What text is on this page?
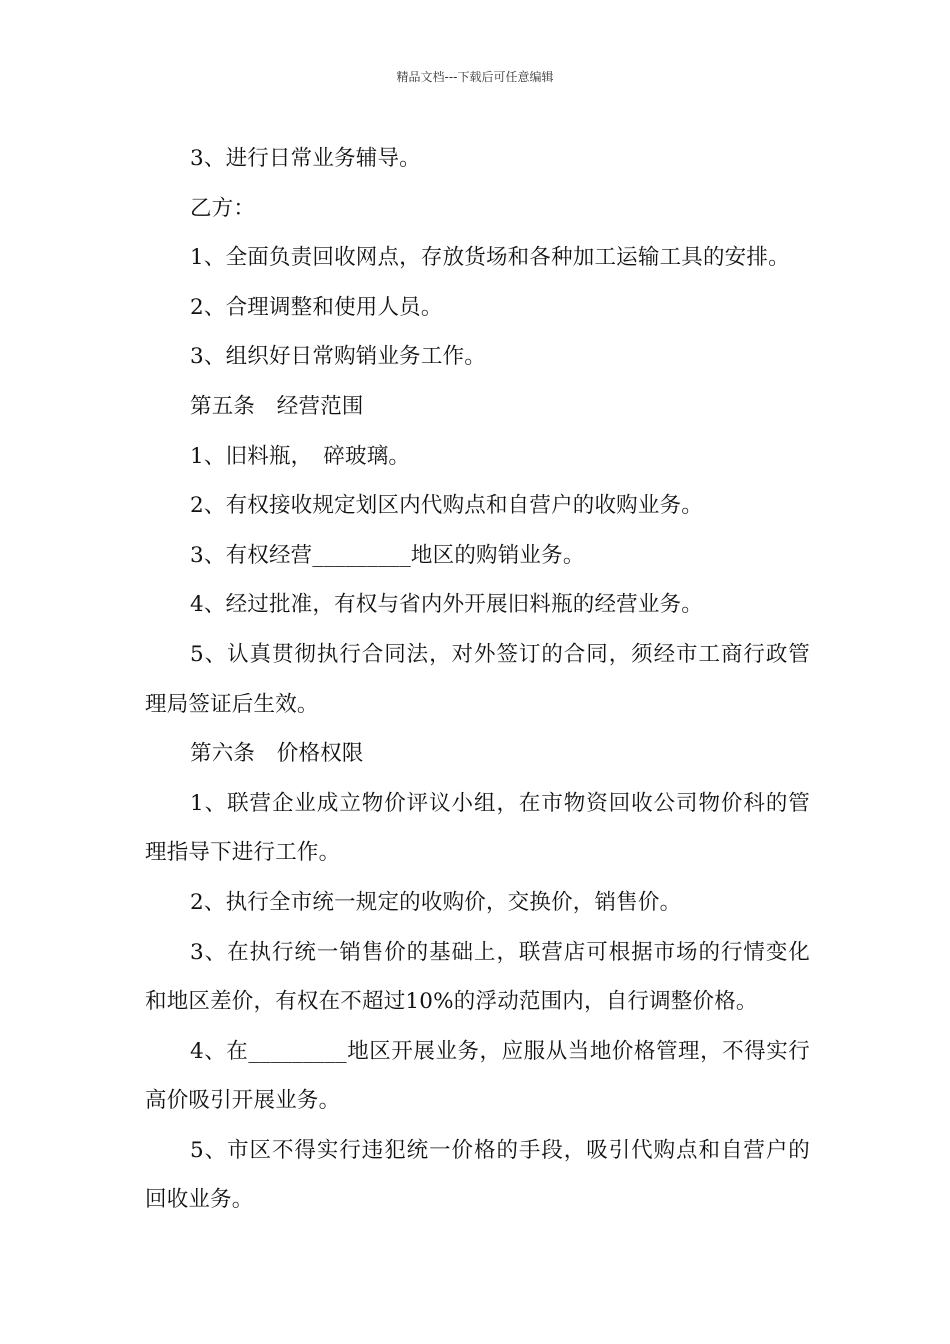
精品文档---下载后可任意编辑

3、进行日常业务辅导。

乙方：

1、全面负责回收网点，存放货场和各种加工运输工具的安排。

2、合理调整和使用人员。

3、组织好日常购销业务工作。

第五条　经营范围

1、旧料瓶，　碎玻璃。

2、有权接收规定划区内代购点和自营户的收购业务。

3、有权经营_________地区的购销业务。

4、经过批准，有权与省内外开展旧料瓶的经营业务。

5、认真贯彻执行合同法，对外签订的合同，须经市工商行政管理局签证后生效。

第六条　价格权限

1、联营企业成立物价评议小组，在市物资回收公司物价科的管理指导下进行工作。

2、执行全市统一规定的收购价，交换价，销售价。

3、在执行统一销售价的基础上，联营店可根据市场的行情变化和地区差价，有权在不超过10%的浮动范围内，自行调整价格。

4、在_________地区开展业务，应服从当地价格管理，不得实行高价吸引开展业务。

5、市区不得实行违犯统一价格的手段，吸引代购点和自营户的回收业务。
